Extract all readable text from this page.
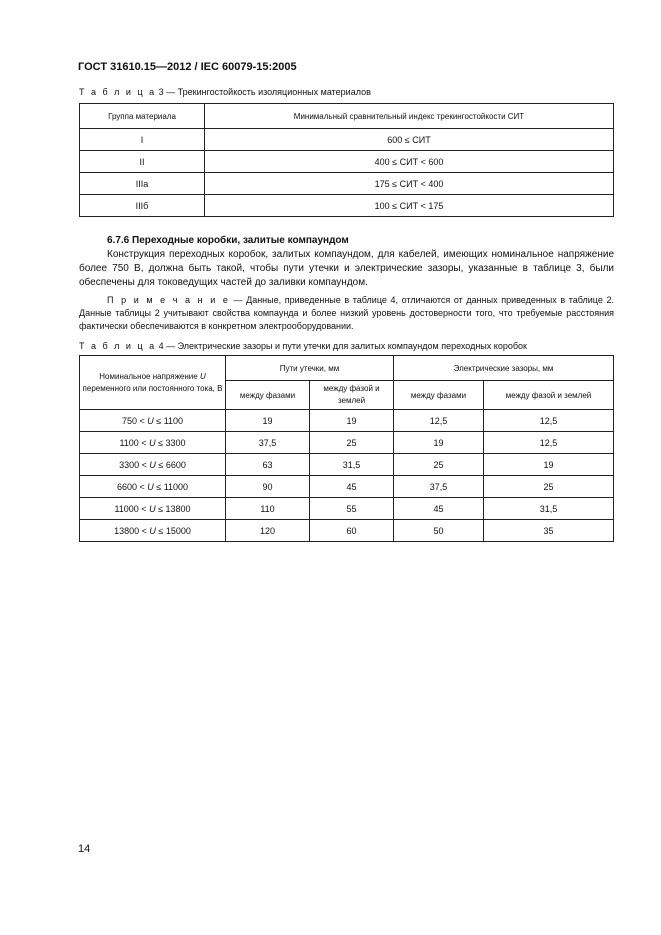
ГОСТ 31610.15—2012 / IEC 60079-15:2005
Т а б л и ц а 3 — Трекингостойкость изоляционных материалов
Группа материала	Минимальный сравнительный индекс трекингостойкости СИТ
I	600 ≤ СИТ
II	400 ≤ СИТ < 600
IIIa	175 ≤ СИТ < 400
IIIб	100 ≤ СИТ < 175
6.7.6 Переходные коробки, залитые компаундом

Конструкция переходных коробок, залитых компаундом, для кабелей, имеющих номинальное напряжение более 750 В, должна быть такой, чтобы пути утечки и электрические зазоры, указанные в таблице 3, были обеспечены для токоведущих частей до заливки компаундом.

П р и м е ч а н и е — Данные, приведенные в таблице 4, отличаются от данных приведенных в таблице 2. Данные таблицы 2 учитывают свойства компаунда и более низкий уровень достоверности того, что требуемые расстояния фактически обеспечиваются в конкретном электрооборудовании.

Т а б л и ц а 4 — Электрические зазоры и пути утечки для залитых компаундом переходных коробок
Номинальное напряжение U
переменного или постоянного тока, В	Пути утечки, мм		Электрические зазоры, мм	
	между фазами	между фазой и землей	между фазами	между фазой и землей
750 < U ≤ 1100	19	19	12,5	12,5
1100 < U ≤ 3300	37,5	25	19	12,5
3300 < U ≤ 6600	63	31,5	25	19
6600 < U ≤ 11000	90	45	37,5	25
11000 < U ≤ 13800	110	55	45	31,5
13800 < U ≤ 15000	120	60	50	35
14
